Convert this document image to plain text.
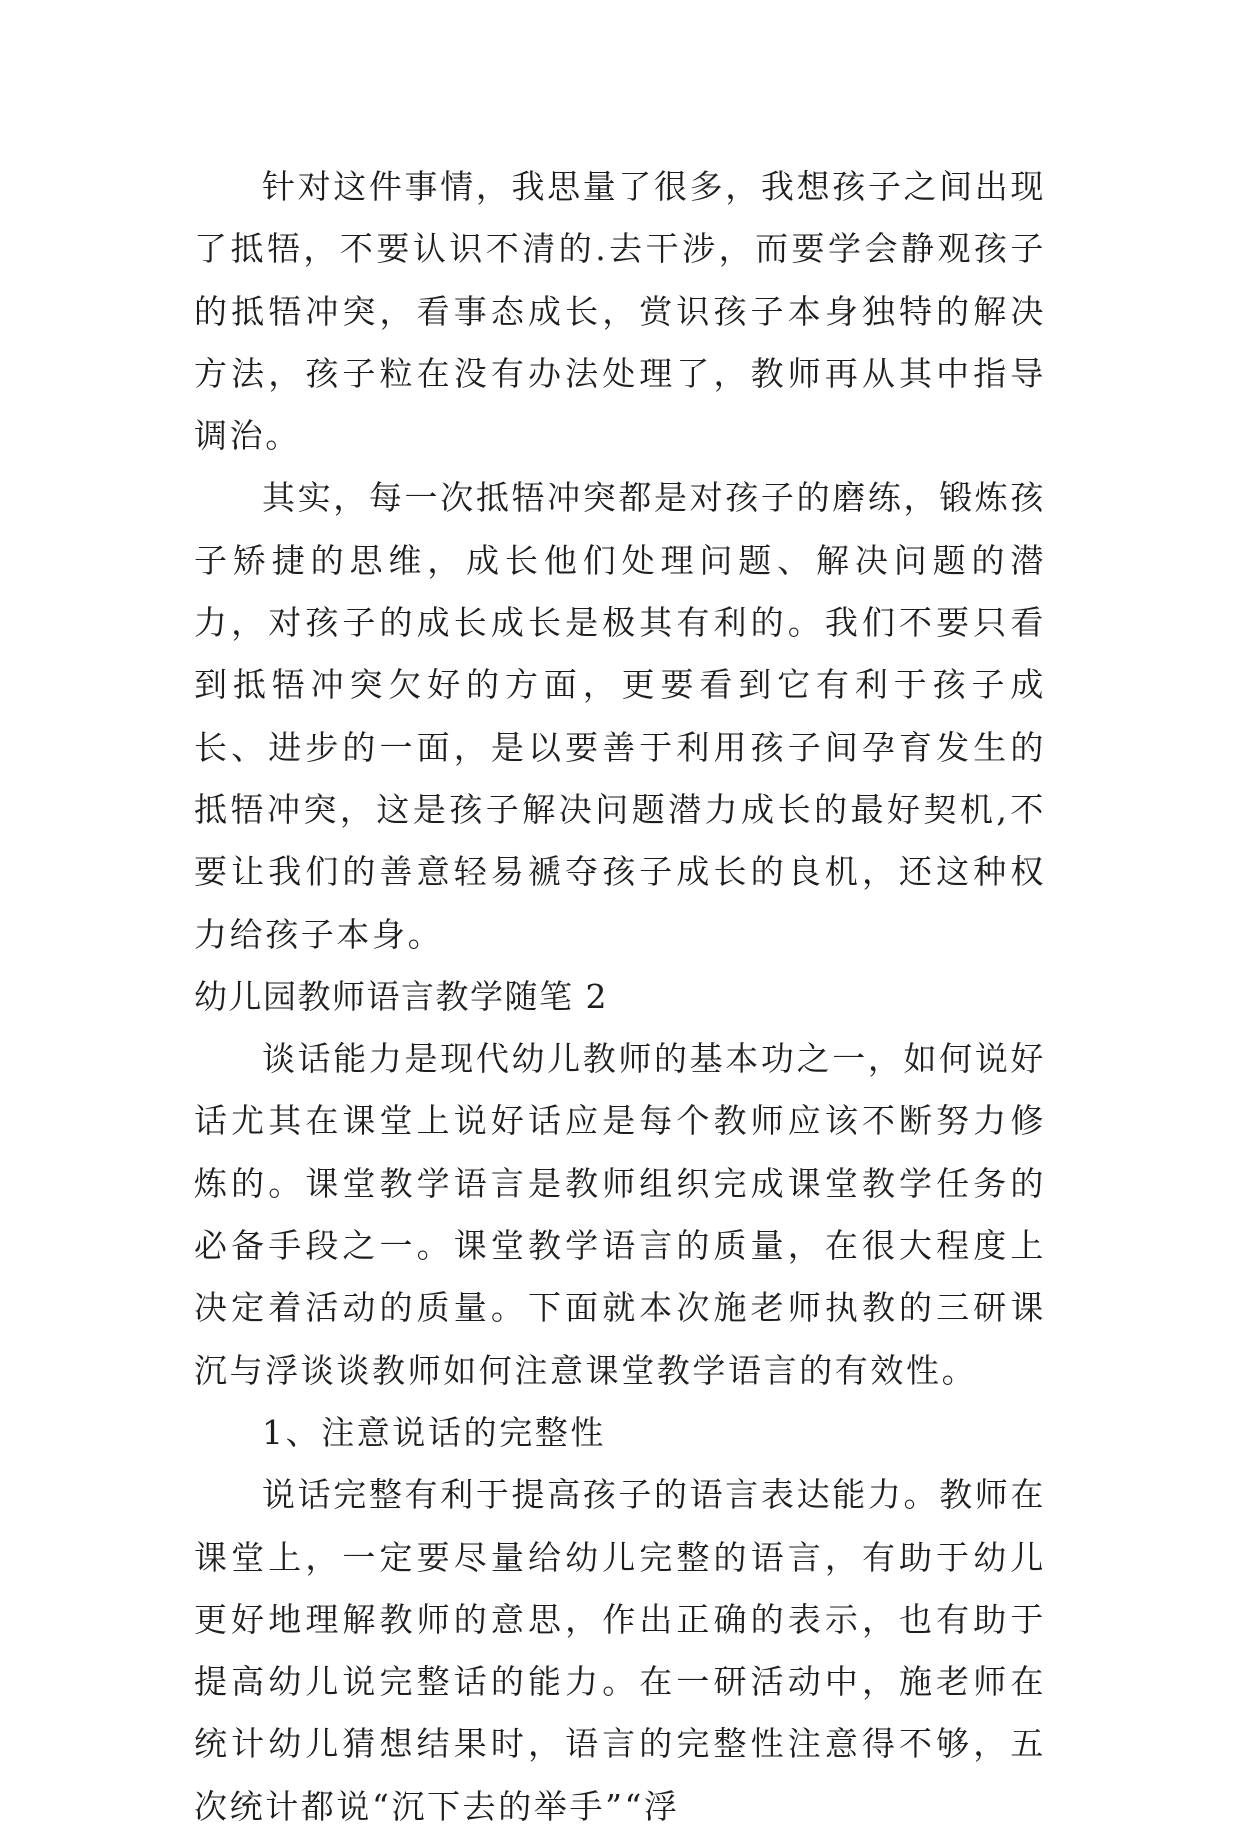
针对这件事情，我思量了很多，我想孩子之间出现了抵牾，不要认识不清的.去干涉，而要学会静观孩子的抵牾冲突，看事态成长，赏识孩子本身独特的解决方法，孩子粒在没有办法处理了，教师再从其中指导调治。

其实，每一次抵牾冲突都是对孩子的磨练，锻炼孩子矫捷的思维，成长他们处理问题、解决问题的潜力，对孩子的成长成长是极其有利的。我们不要只看到抵牾冲突欠好的方面，更要看到它有利于孩子成长、进步的一面，是以要善于利用孩子间孕育发生的抵牾冲突，这是孩子解决问题潜力成长的最好契机,不要让我们的善意轻易褫夺孩子成长的良机，还这种权力给孩子本身。

幼儿园教师语言教学随笔 2

谈话能力是现代幼儿教师的基本功之一，如何说好话尤其在课堂上说好话应是每个教师应该不断努力修炼的。课堂教学语言是教师组织完成课堂教学任务的必备手段之一。课堂教学语言的质量，在很大程度上决定着活动的质量。下面就本次施老师执教的三研课沉与浮谈谈教师如何注意课堂教学语言的有效性。

1、注意说话的完整性

说话完整有利于提高孩子的语言表达能力。教师在课堂上，一定要尽量给幼儿完整的语言，有助于幼儿更好地理解教师的意思，作出正确的表示，也有助于提高幼儿说完整话的能力。在一研活动中，施老师在统计幼儿猜想结果时，语言的完整性注意得不够，五次统计都说“沉下去的举手”“浮
